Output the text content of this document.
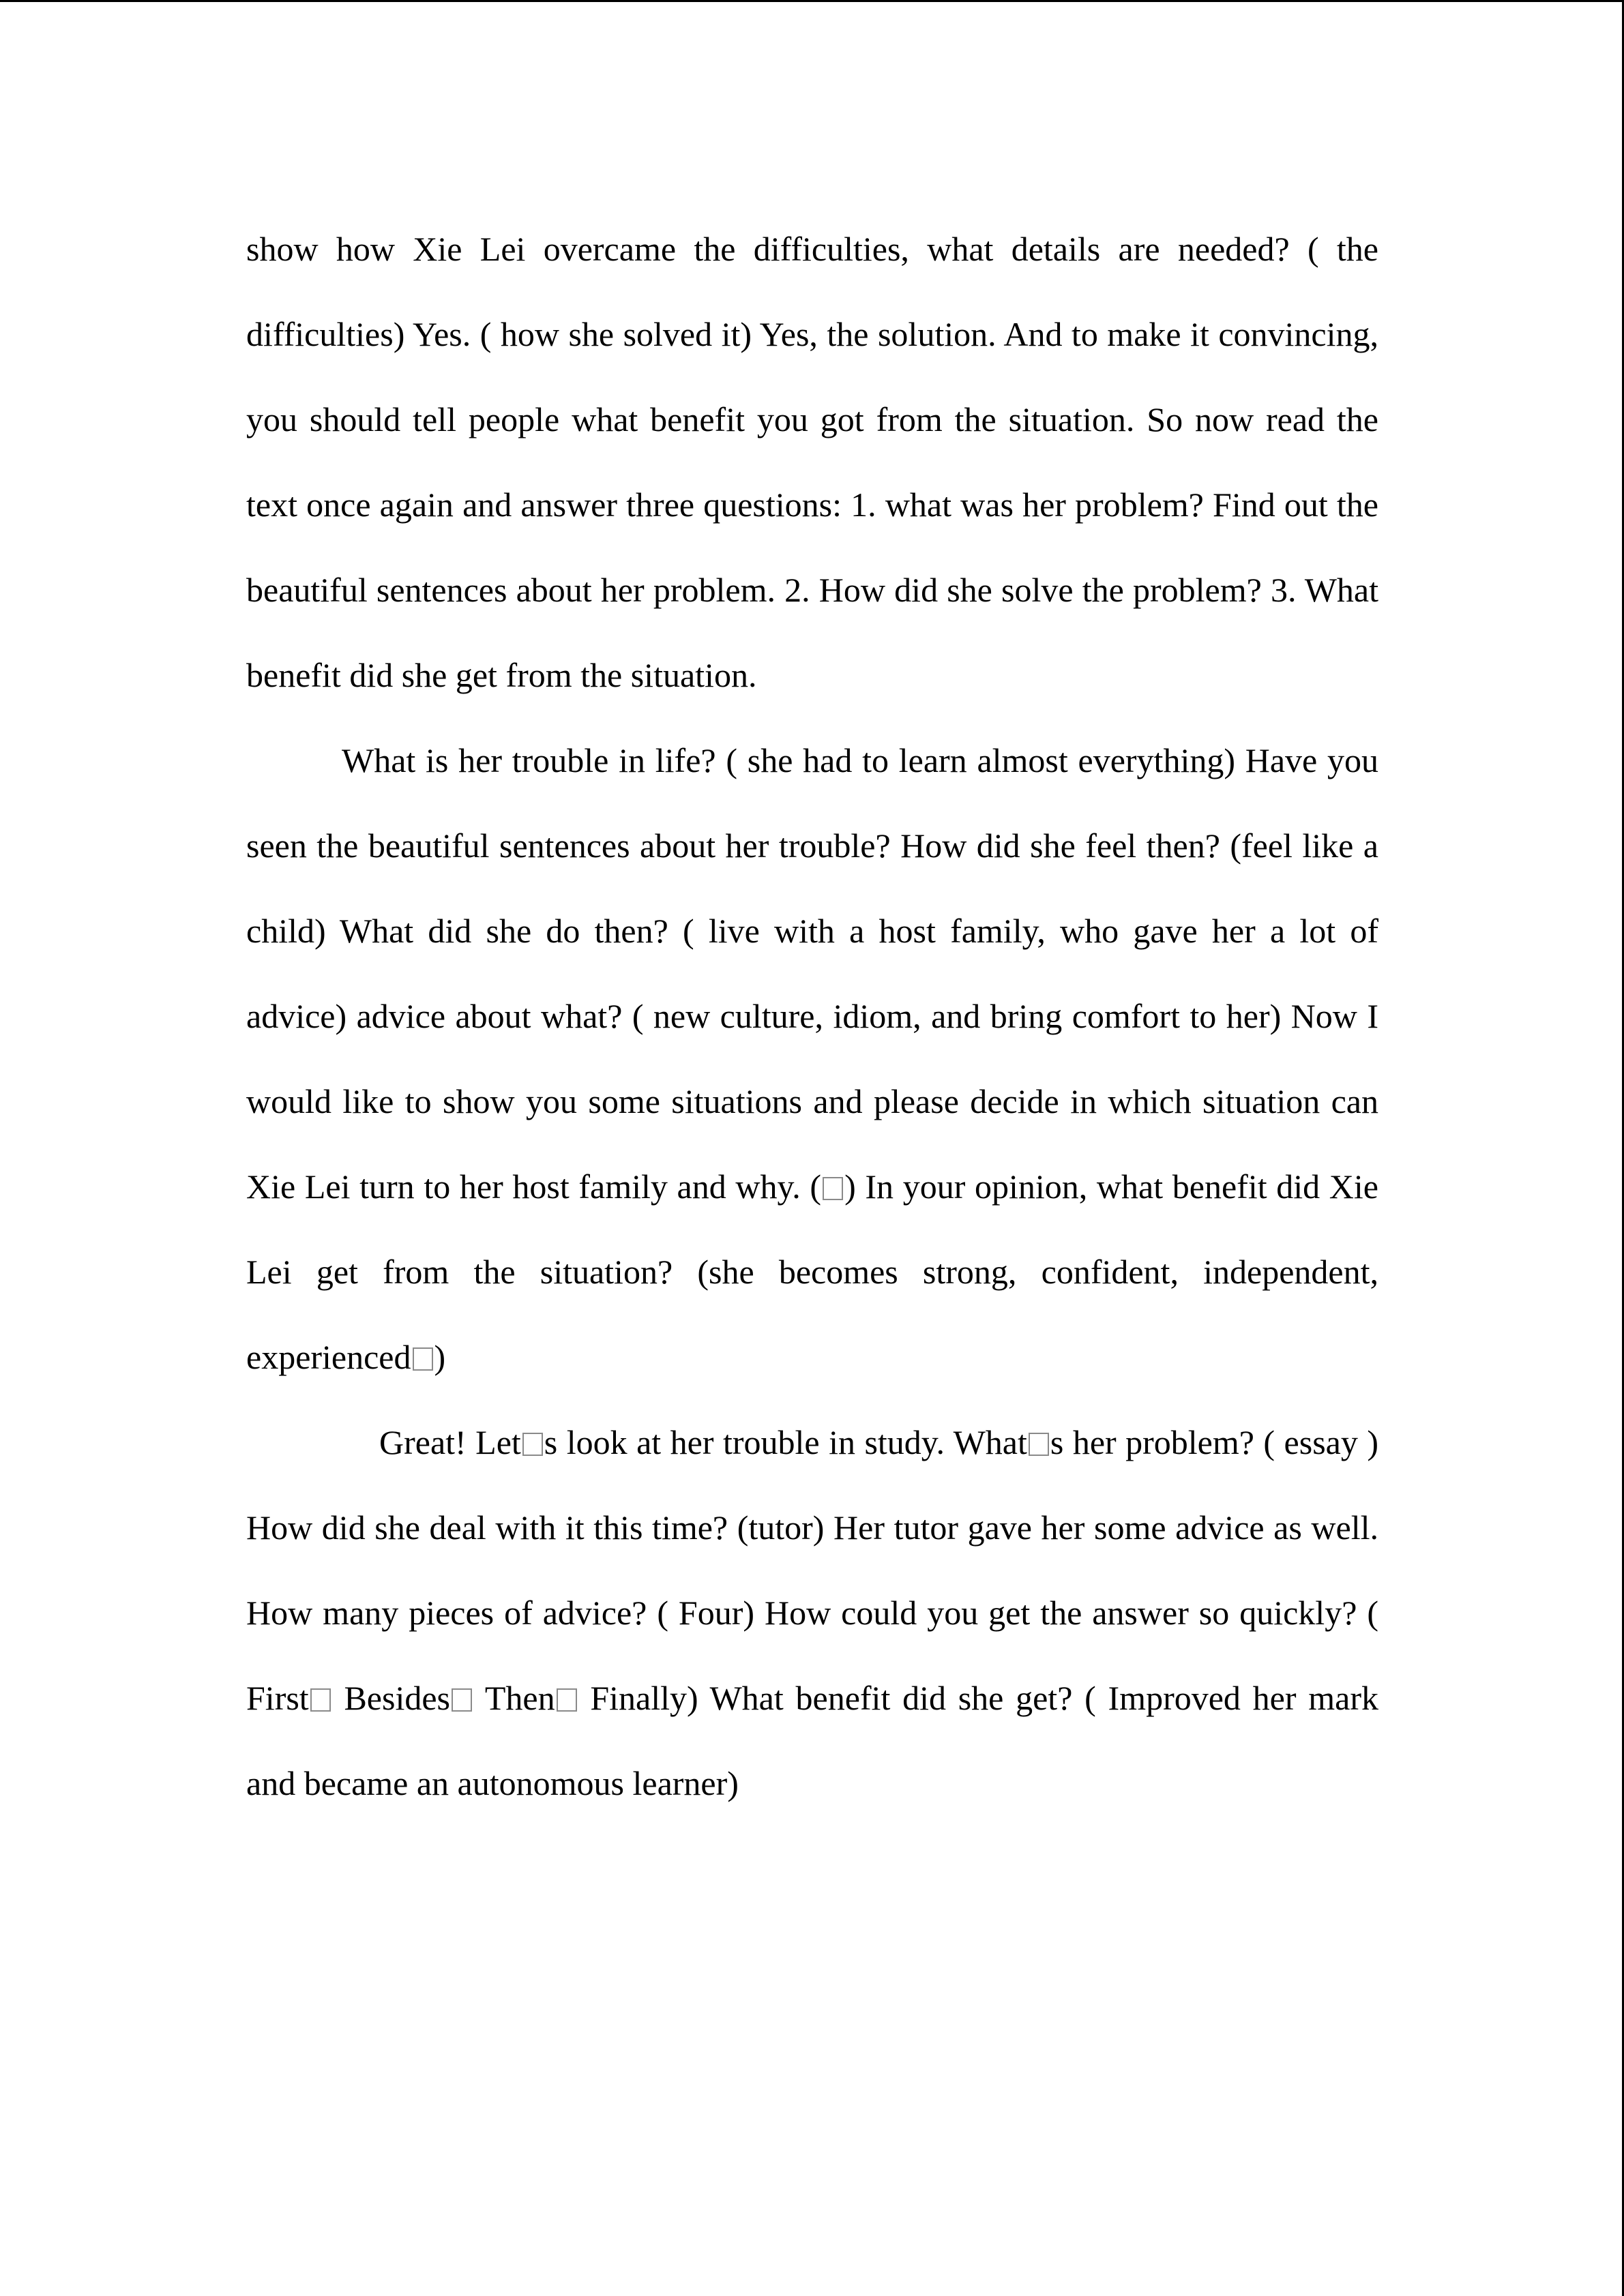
show how Xie Lei overcame the difficulties, what details are needed? ( the difficulties) Yes. ( how she solved it) Yes, the solution. And to make it convincing, you should tell people what benefit you got from the situation. So now read the text once again and answer three questions: 1. what was her problem? Find out the beautiful sentences about her problem. 2. How did she solve the problem? 3. What benefit did she get from the situation.

What is her trouble in life? ( she had to learn almost everything) Have you seen the beautiful sentences about her trouble? How did she feel then? (feel like a child) What did she do then? ( live with a host family, who gave her a lot of advice) advice about what? ( new culture, idiom, and bring comfort to her) Now I would like to show you some situations and please decide in which situation can Xie Lei turn to her host family and why. ( ) In your opinion, what benefit did Xie Lei get from the situation? (she becomes strong, confident, independent, experienced )

Great! Let s look at her trouble in study. What s her problem? ( essay ) How did she deal with it this time? (tutor) Her tutor gave her some advice as well. How many pieces of advice? ( Four) How could you get the answer so quickly? ( First Besides Then Finally) What benefit did she get? ( Improved her mark and became an autonomous learner)
